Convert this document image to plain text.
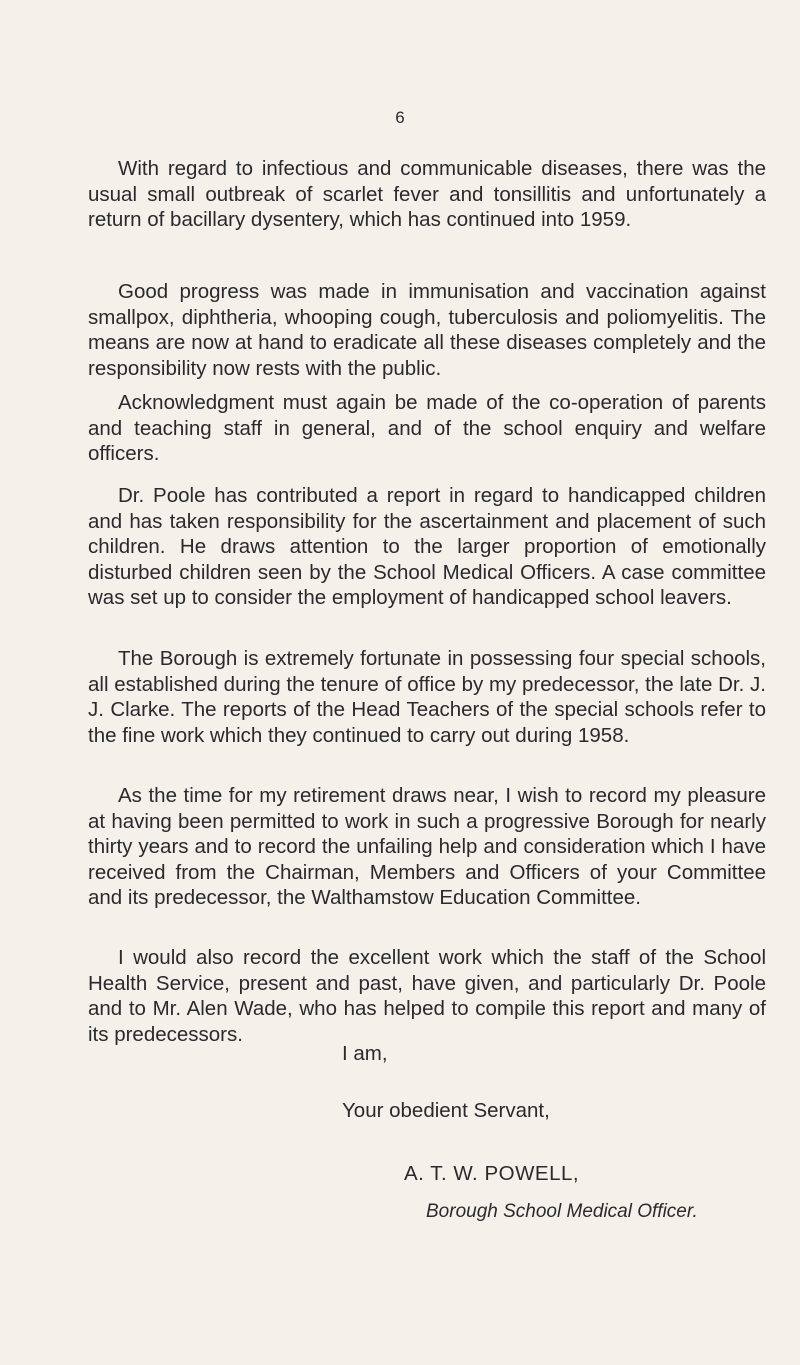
6

With regard to infectious and communicable diseases, there was the usual small outbreak of scarlet fever and tonsillitis and unfortunately a return of bacillary dysentery, which has continued into 1959.

Good progress was made in immunisation and vaccination against smallpox, diphtheria, whooping cough, tuberculosis and poliomyelitis. The means are now at hand to eradicate all these diseases completely and the responsibility now rests with the public.

Acknowledgment must again be made of the co-operation of parents and teaching staff in general, and of the school enquiry and welfare officers.

Dr. Poole has contributed a report in regard to handicapped children and has taken responsibility for the ascertainment and placement of such children. He draws attention to the larger proportion of emotionally disturbed children seen by the School Medical Officers. A case committee was set up to consider the employment of handicapped school leavers.

The Borough is extremely fortunate in possessing four special schools, all established during the tenure of office by my predecessor, the late Dr. J. J. Clarke. The reports of the Head Teachers of the special schools refer to the fine work which they continued to carry out during 1958.

As the time for my retirement draws near, I wish to record my pleasure at having been permitted to work in such a progressive Borough for nearly thirty years and to record the unfailing help and consideration which I have received from the Chairman, Members and Officers of your Committee and its predecessor, the Walthamstow Education Committee.

I would also record the excellent work which the staff of the School Health Service, present and past, have given, and particularly Dr. Poole and to Mr. Alen Wade, who has helped to compile this report and many of its predecessors.

I am,
Your obedient Servant,
A. T. W. POWELL,
Borough School Medical Officer.
